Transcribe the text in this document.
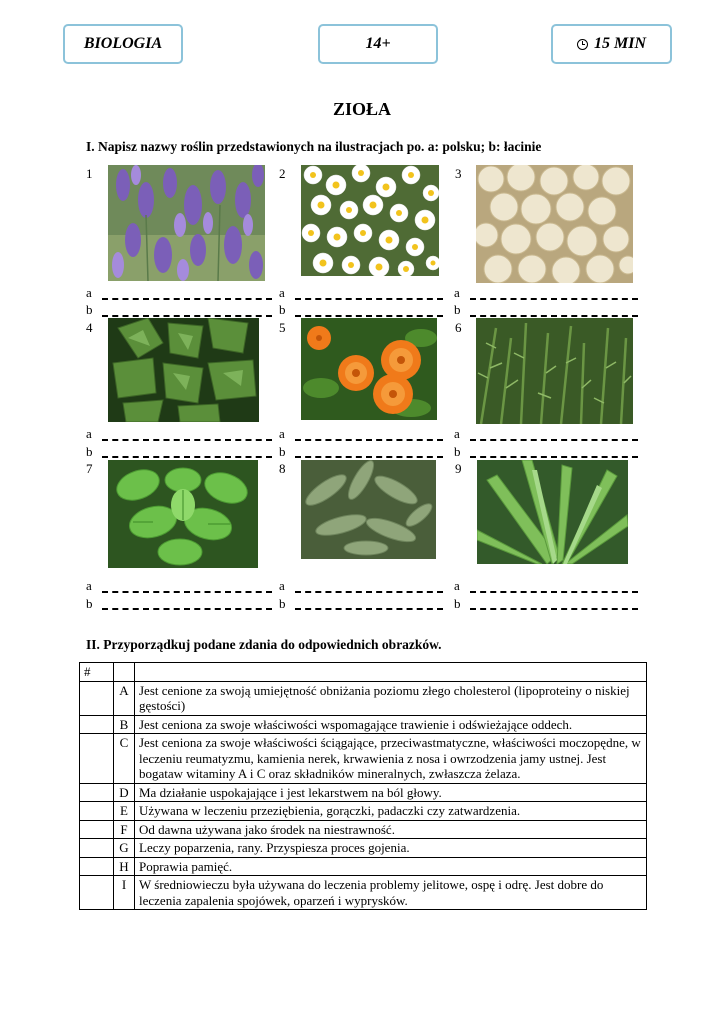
BIOLOGIA	14+	15 MIN
ZIOŁA
I. Napisz nazwy roślin przedstawionych na ilustracjach po. a: polsku; b: łacinie
1	2	3
a
b
a
b
a
b
4	5	6
a
b
a
b
a
b
7	8	9
a
b
a
b
a
b
II. Przyporządkuj podane zdania do odpowiednich obrazków.
#		
	A	Jest cenione za swoją umiejętność obniżania poziomu złego cholesterol (lipoproteiny o niskiej gęstości)
	B	Jest ceniona za swoje właściwości wspomagające trawienie i odświeżające oddech.
	C	Jest ceniona za swoje właściwości ściągające, przeciwastmatyczne, właściwości moczopędne, w leczeniu reumatyzmu, kamienia nerek, krwawienia z nosa i owrzodzenia jamy ustnej. Jest bogataw witaminy A i C oraz składników mineralnych, zwłaszcza żelaza.
	D	Ma działanie uspokajające i jest lekarstwem na ból głowy.
	E	Używana w leczeniu przeziębienia, gorączki, padaczki czy zatwardzenia.
	F	Od dawna używana jako środek na niestrawność.
	G	Leczy poparzenia, rany. Przyspiesza proces gojenia.
	H	Poprawia pamięć.
	I	W średniowieczu była używana do leczenia problemy jelitowe, ospę i odrę. Jest dobre do leczenia zapalenia spojówek, oparzeń i wyprysków.
